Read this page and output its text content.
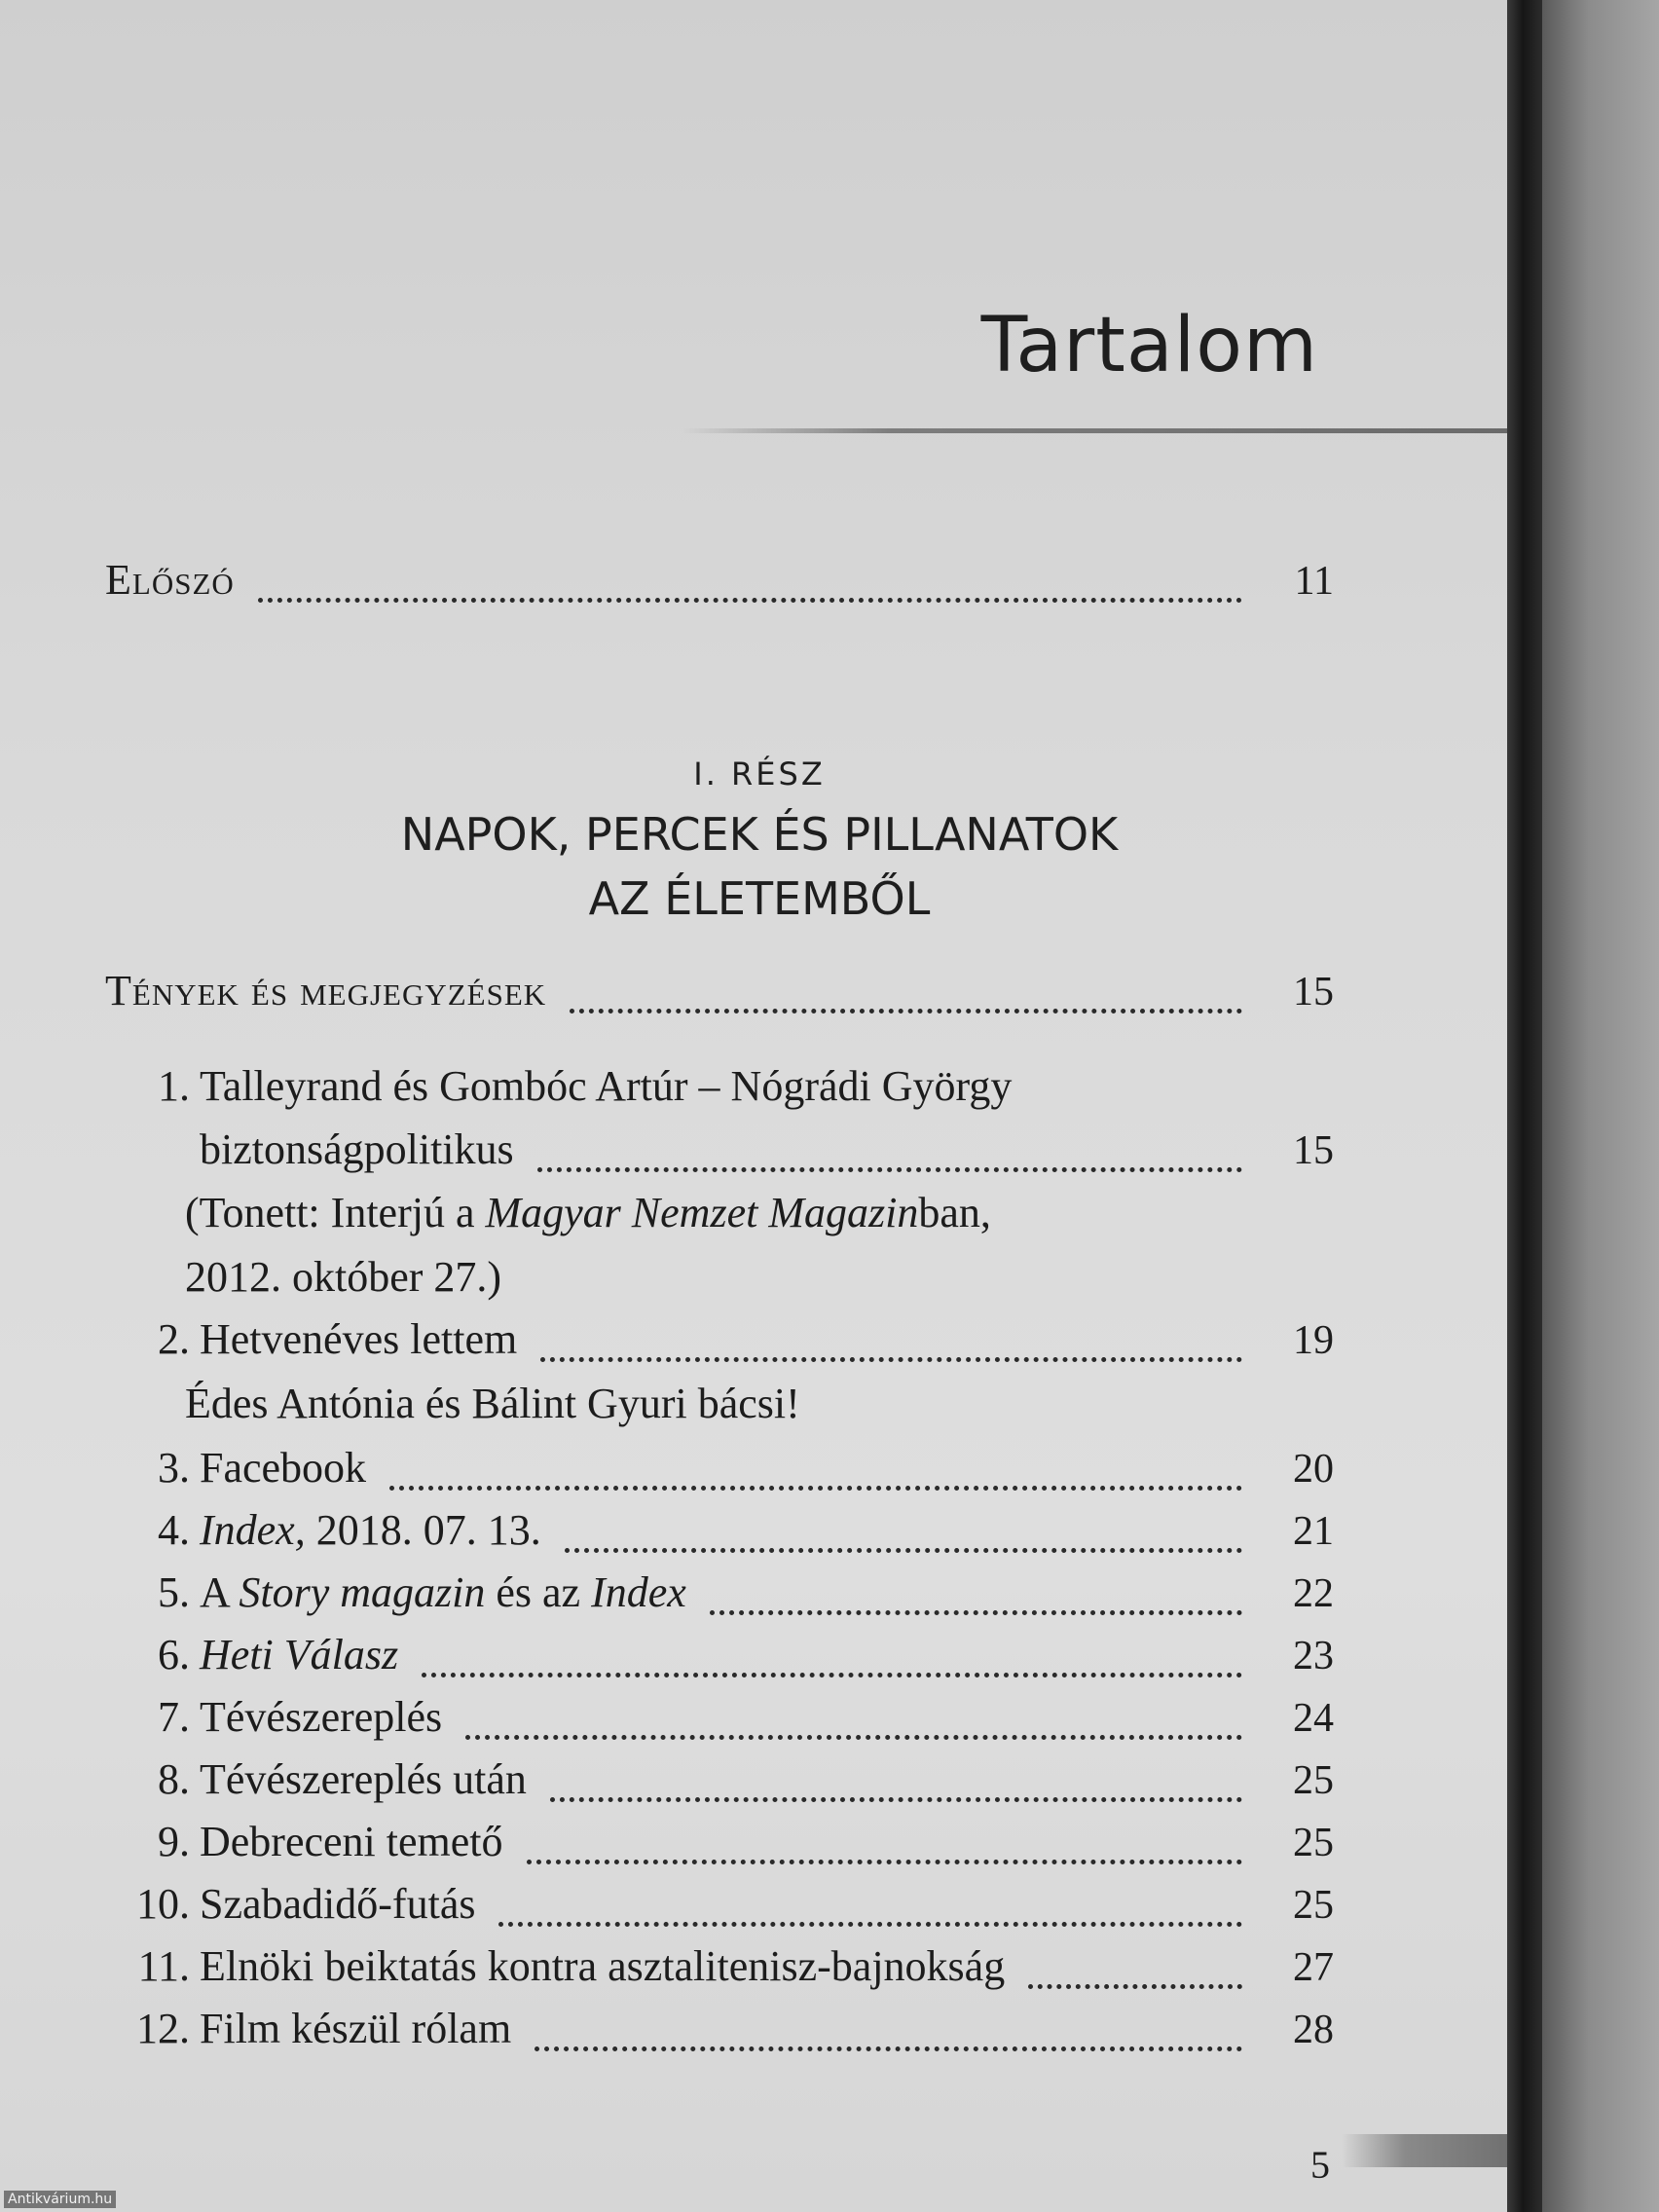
Tartalom
Előszó	11
I. RÉSZ
NAPOK, PERCEK ÉS PILLANATOK
AZ ÉLETEMBŐL
Tények és megjegyzések	15
1. Talleyrand és Gombóc Artúr – Nógrádi György
biztonságpolitikus	15
(Tonett: Interjú a Magyar Nemzet Magazinban,
2012. október 27.)
2. Hetvenéves lettem	19
Édes Antónia és Bálint Gyuri bácsi!
3. Facebook	20
4. Index, 2018. 07. 13.	21
5. A Story magazin és az Index	22
6. Heti Válasz	23
7. Tévészereplés	24
8. Tévészereplés után	25
9. Debreceni temető	25
10. Szabadidő-futás	25
11. Elnöki beiktatás kontra asztalitenisz-bajnokság	27
12. Film készül rólam	28
5
Antikvárium.hu
